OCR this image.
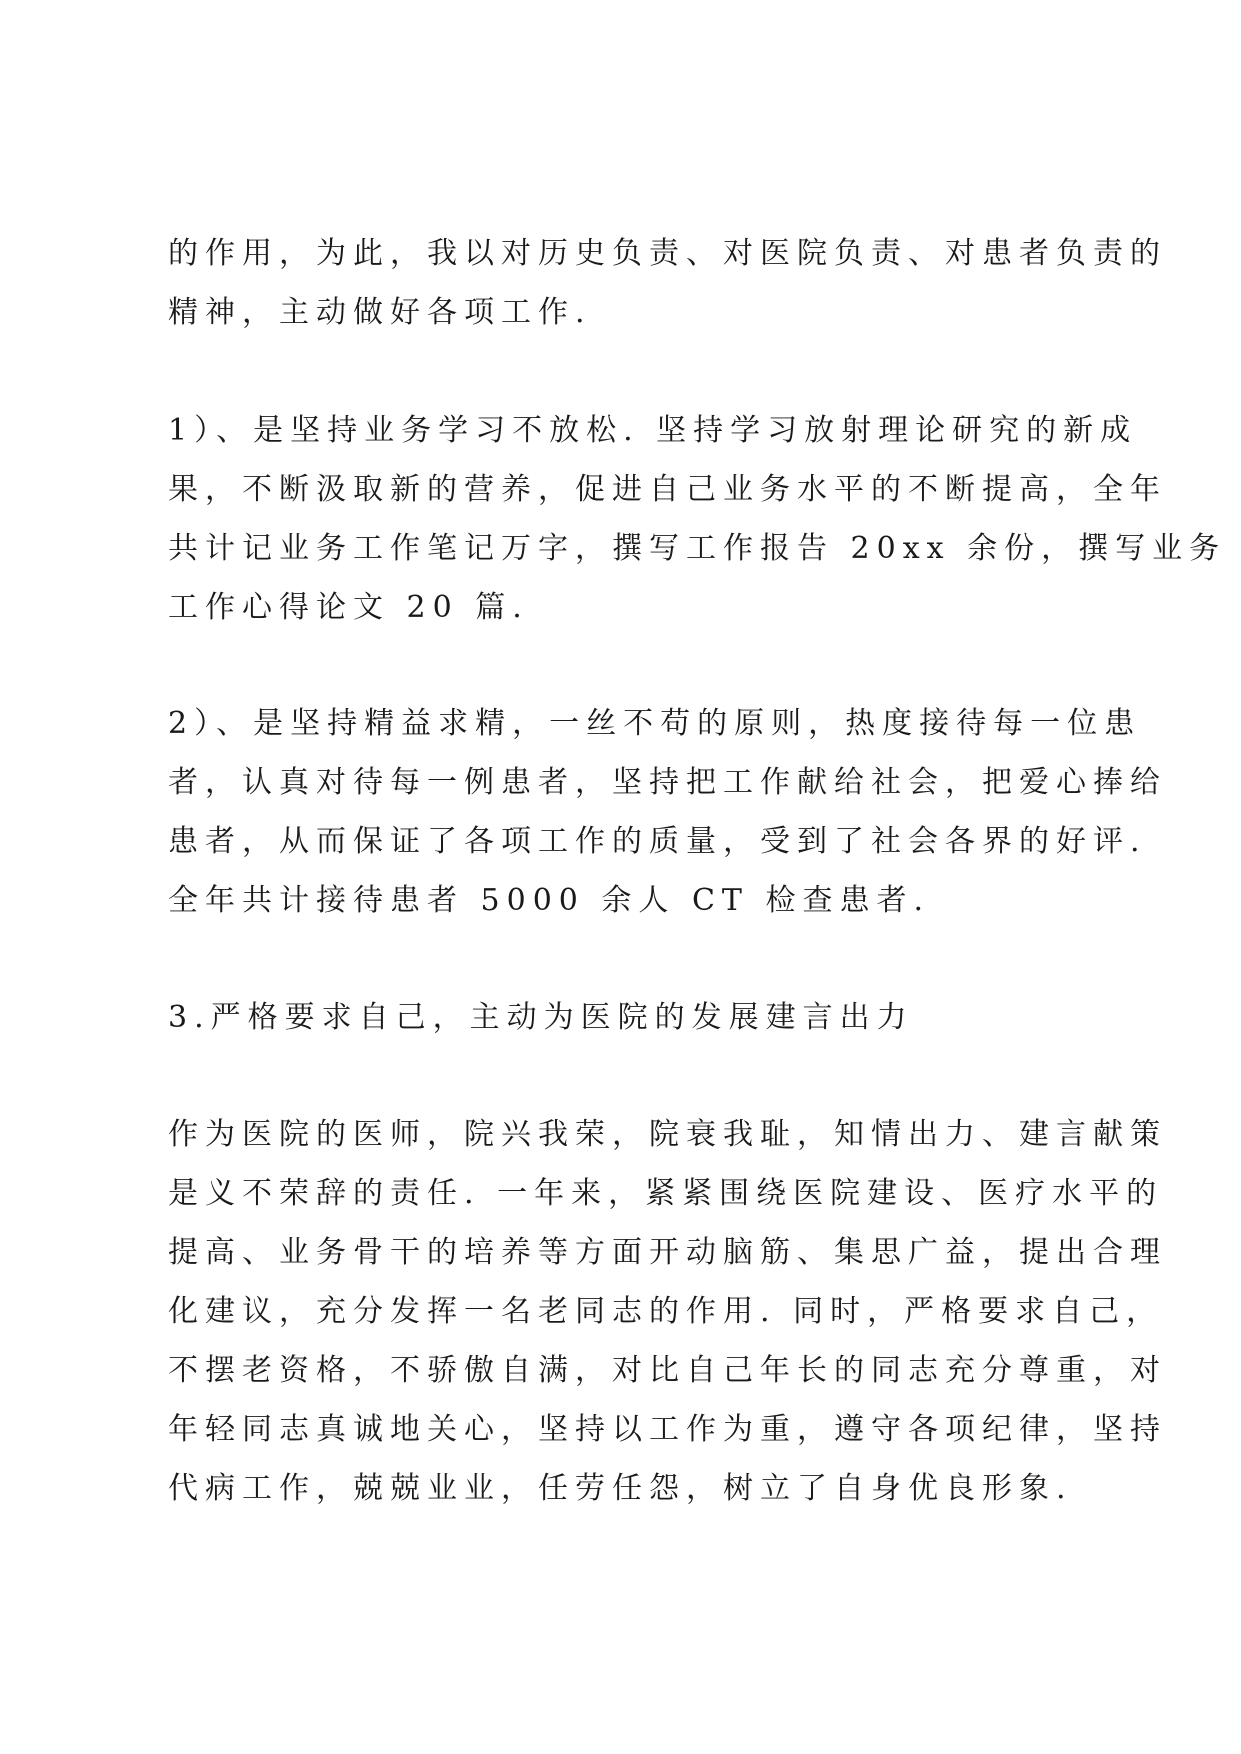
的作用，为此，我以对历史负责、对医院负责、对患者负责的

精神，主动做好各项工作.

1）、是坚持业务学习不放松. 坚持学习放射理论研究的新成

果，不断汲取新的营养，促进自己业务水平的不断提高，全年

共计记业务工作笔记万字，撰写工作报告 20xx 余份，撰写业务

工作心得论文 20 篇.

2）、是坚持精益求精，一丝不苟的原则，热度接待每一位患

者，认真对待每一例患者，坚持把工作献给社会，把爱心捧给

患者，从而保证了各项工作的质量，受到了社会各界的好评.

全年共计接待患者 5000 余人 CT 检查患者.

3.严格要求自己，主动为医院的发展建言出力

作为医院的医师，院兴我荣，院衰我耻，知情出力、建言献策

是义不荣辞的责任. 一年来，紧紧围绕医院建设、医疗水平的

提高、业务骨干的培养等方面开动脑筋、集思广益，提出合理

化建议，充分发挥一名老同志的作用. 同时，严格要求自己，

不摆老资格，不骄傲自满，对比自己年长的同志充分尊重，对

年轻同志真诚地关心，坚持以工作为重，遵守各项纪律，坚持

代病工作，兢兢业业，任劳任怨，树立了自身优良形象.
